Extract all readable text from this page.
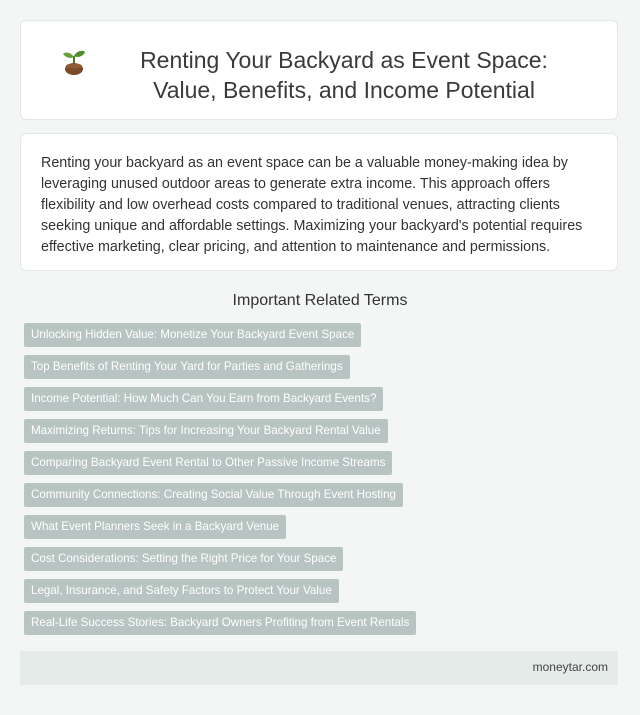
Renting Your Backyard as Event Space: Value, Benefits, and Income Potential

Renting your backyard as an event space can be a valuable money-making idea by leveraging unused outdoor areas to generate extra income. This approach offers flexibility and low overhead costs compared to traditional venues, attracting clients seeking unique and affordable settings. Maximizing your backyard's potential requires effective marketing, clear pricing, and attention to maintenance and permissions.

Important Related Terms
Unlocking Hidden Value: Monetize Your Backyard Event Space
Top Benefits of Renting Your Yard for Parties and Gatherings
Income Potential: How Much Can You Earn from Backyard Events?
Maximizing Returns: Tips for Increasing Your Backyard Rental Value
Comparing Backyard Event Rental to Other Passive Income Streams
Community Connections: Creating Social Value Through Event Hosting
What Event Planners Seek in a Backyard Venue
Cost Considerations: Setting the Right Price for Your Space
Legal, Insurance, and Safety Factors to Protect Your Value
Real-Life Success Stories: Backyard Owners Profiting from Event Rentals
moneytar.com
